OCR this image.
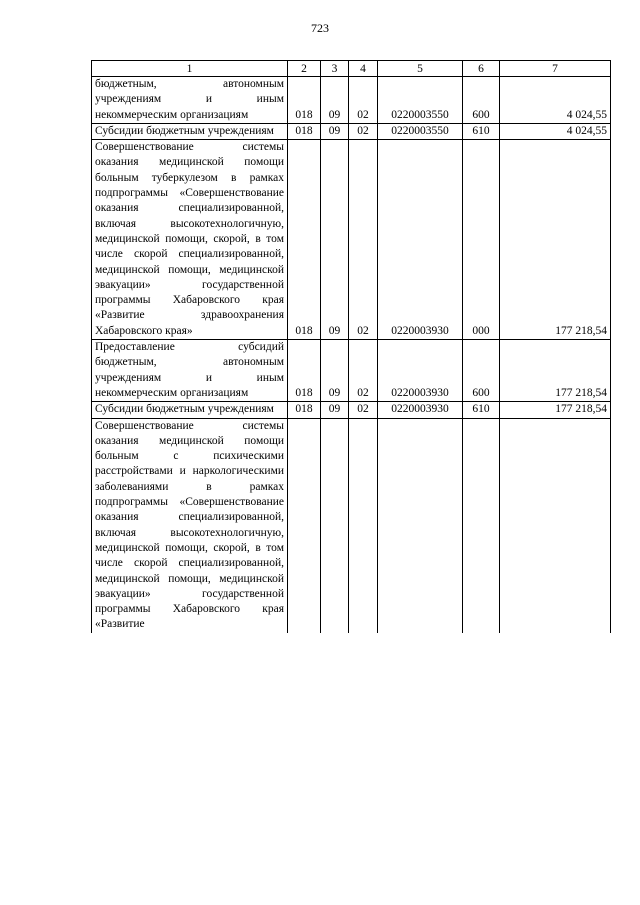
723
1	2	3	4	5	6	7
бюджетным, автономным учреждениям и иным некоммерческим организациям	018	09	02	0220003550	600	4 024,55
Субсидии бюджетным учреждениям	018	09	02	0220003550	610	4 024,55
Совершенствование системы оказания медицинской помощи больным туберкулезом в рамках подпрограммы «Совершенствование оказания специализированной, включая высокотехнологичную, медицинской помощи, скорой, в том числе скорой специализированной, медицинской помощи, медицинской эвакуации» государственной программы Хабаровского края «Развитие здравоохранения Хабаровского края»	018	09	02	0220003930	000	177 218,54
Предоставление субсидий бюджетным, автономным учреждениям и иным некоммерческим организациям	018	09	02	0220003930	600	177 218,54
Субсидии бюджетным учреждениям	018	09	02	0220003930	610	177 218,54
Совершенствование системы оказания медицинской помощи больным с психическими расстройствами и наркологическими заболеваниями в рамках подпрограммы «Совершенствование оказания специализированной, включая высокотехнологичную, медицинской помощи, скорой, в том числе скорой специализированной, медицинской помощи, медицинской эвакуации» государственной программы Хабаровского края «Развитие						
